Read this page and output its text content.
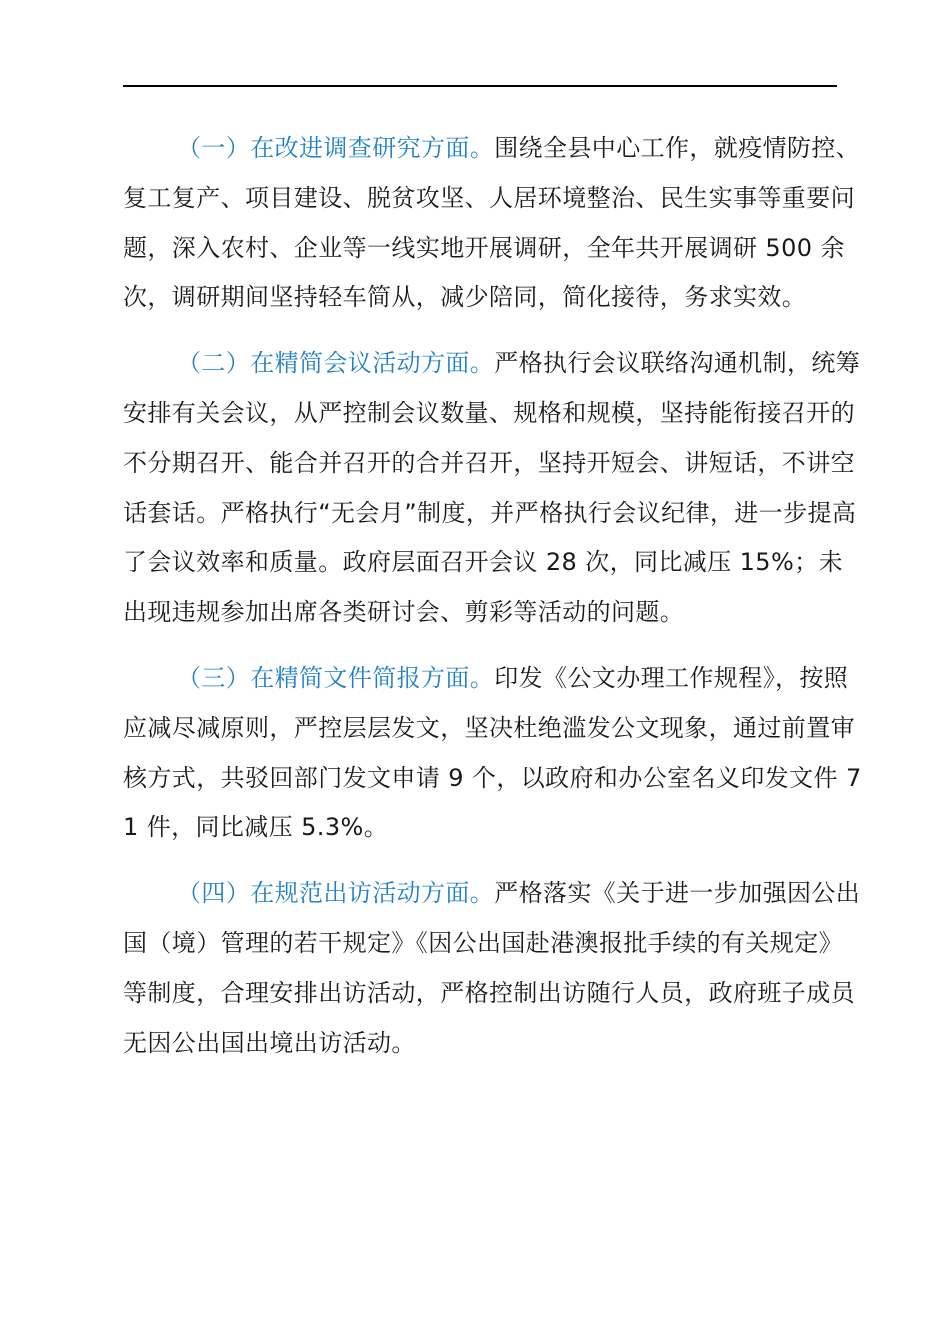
（一）在改进调查研究方面。围绕全县中心工作，就疫情防控、复工复产、项目建设、脱贫攻坚、人居环境整治、民生实事等重要问题，深入农村、企业等一线实地开展调研，全年共开展调研 500 余次，调研期间坚持轻车简从，减少陪同，简化接待，务求实效。

（二）在精简会议活动方面。严格执行会议联络沟通机制，统筹安排有关会议，从严控制会议数量、规格和规模，坚持能衔接召开的不分期召开、能合并召开的合并召开，坚持开短会、讲短话，不讲空话套话。严格执行“无会月”制度，并严格执行会议纪律，进一步提高了会议效率和质量。政府层面召开会议 28 次，同比减压 15%；未出现违规参加出席各类研讨会、剪彩等活动的问题。

（三）在精简文件简报方面。印发《公文办理工作规程》，按照应减尽减原则，严控层层发文，坚决杜绝滥发公文现象，通过前置审核方式，共驳回部门发文申请 9 个，以政府和办公室名义印发文件 71 件，同比减压 5.3%。

（四）在规范出访活动方面。严格落实《关于进一步加强因公出国（境）管理的若干规定》《因公出国赴港澳报批手续的有关规定》等制度，合理安排出访活动，严格控制出访随行人员，政府班子成员无因公出国出境出访活动。
